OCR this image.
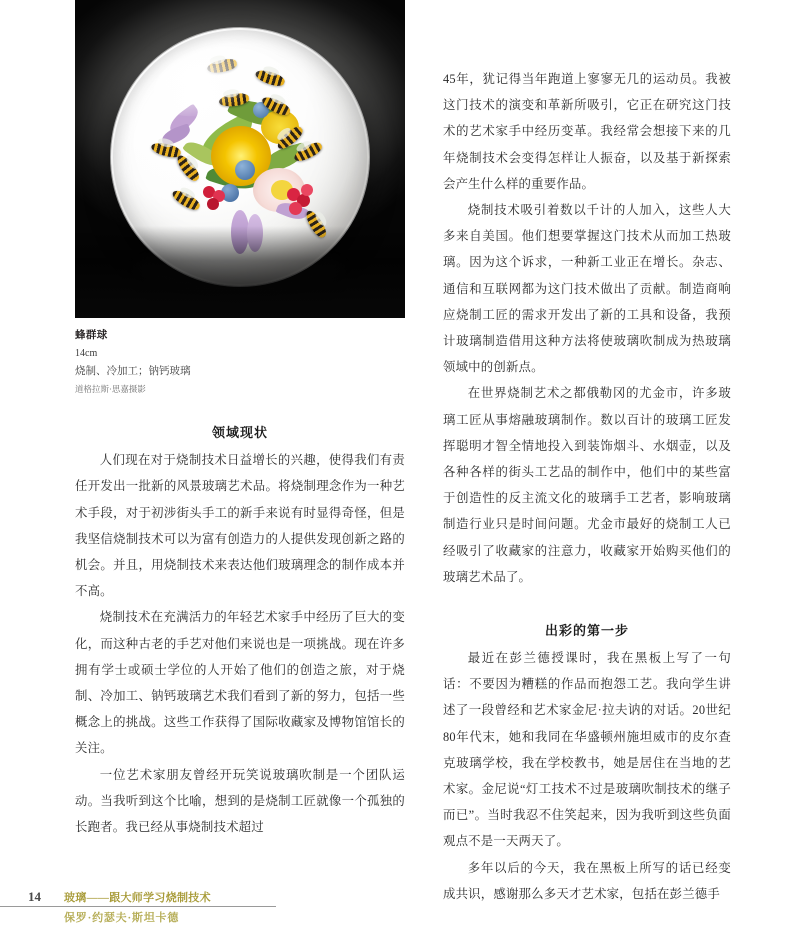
蜂群球
14cm
烧制、冷加工；钠钙玻璃
道格拉斯·思嘉摄影
领域现状

人们现在对于烧制技术日益增长的兴趣，使得我们有责任开发出一批新的风景玻璃艺术品。将烧制理念作为一种艺术手段，对于初涉街头手工的新手来说有时显得奇怪，但是我坚信烧制技术可以为富有创造力的人提供发现创新之路的机会。并且，用烧制技术来表达他们玻璃理念的制作成本并不高。

烧制技术在充满活力的年轻艺术家手中经历了巨大的变化，而这种古老的手艺对他们来说也是一项挑战。现在许多拥有学士或硕士学位的人开始了他们的创造之旅，对于烧制、冷加工、钠钙玻璃艺术我们看到了新的努力，包括一些概念上的挑战。这些工作获得了国际收藏家及博物馆馆长的关注。

一位艺术家朋友曾经开玩笑说玻璃吹制是一个团队运动。当我听到这个比喻，想到的是烧制工匠就像一个孤独的长跑者。我已经从事烧制技术超过

45年，犹记得当年跑道上寥寥无几的运动员。我被这门技术的演变和革新所吸引，它正在研究这门技术的艺术家手中经历变革。我经常会想接下来的几年烧制技术会变得怎样让人振奋，以及基于新探索会产生什么样的重要作品。

烧制技术吸引着数以千计的人加入，这些人大多来自美国。他们想要掌握这门技术从而加工热玻璃。因为这个诉求，一种新工业正在增长。杂志、通信和互联网都为这门技术做出了贡献。制造商响应烧制工匠的需求开发出了新的工具和设备，我预计玻璃制造借用这种方法将使玻璃吹制成为热玻璃领域中的创新点。

在世界烧制艺术之都俄勒冈的尤金市，许多玻璃工匠从事熔融玻璃制作。数以百计的玻璃工匠发挥聪明才智全情地投入到装饰烟斗、水烟壶，以及各种各样的街头工艺品的制作中，他们中的某些富于创造性的反主流文化的玻璃手工艺者，影响玻璃制造行业只是时间问题。尤金市最好的烧制工人已经吸引了收藏家的注意力，收藏家开始购买他们的玻璃艺术品了。

出彩的第一步

最近在彭兰德授课时，我在黑板上写了一句话：不要因为糟糕的作品而抱怨工艺。我向学生讲述了一段曾经和艺术家金尼·拉夫讷的对话。20世纪80年代末，她和我同在华盛顿州施坦威市的皮尔查克玻璃学校，我在学校教书，她是居住在当地的艺术家。金尼说“灯工技术不过是玻璃吹制技术的继子而已”。当时我忍不住笑起来，因为我听到这些负面观点不是一天两天了。

多年以后的今天，我在黑板上所写的话已经变成共识，感谢那么多天才艺术家，包括在彭兰德手

14 玻璃——跟大师学习烧制技术
保罗·约瑟夫·斯坦卡德
